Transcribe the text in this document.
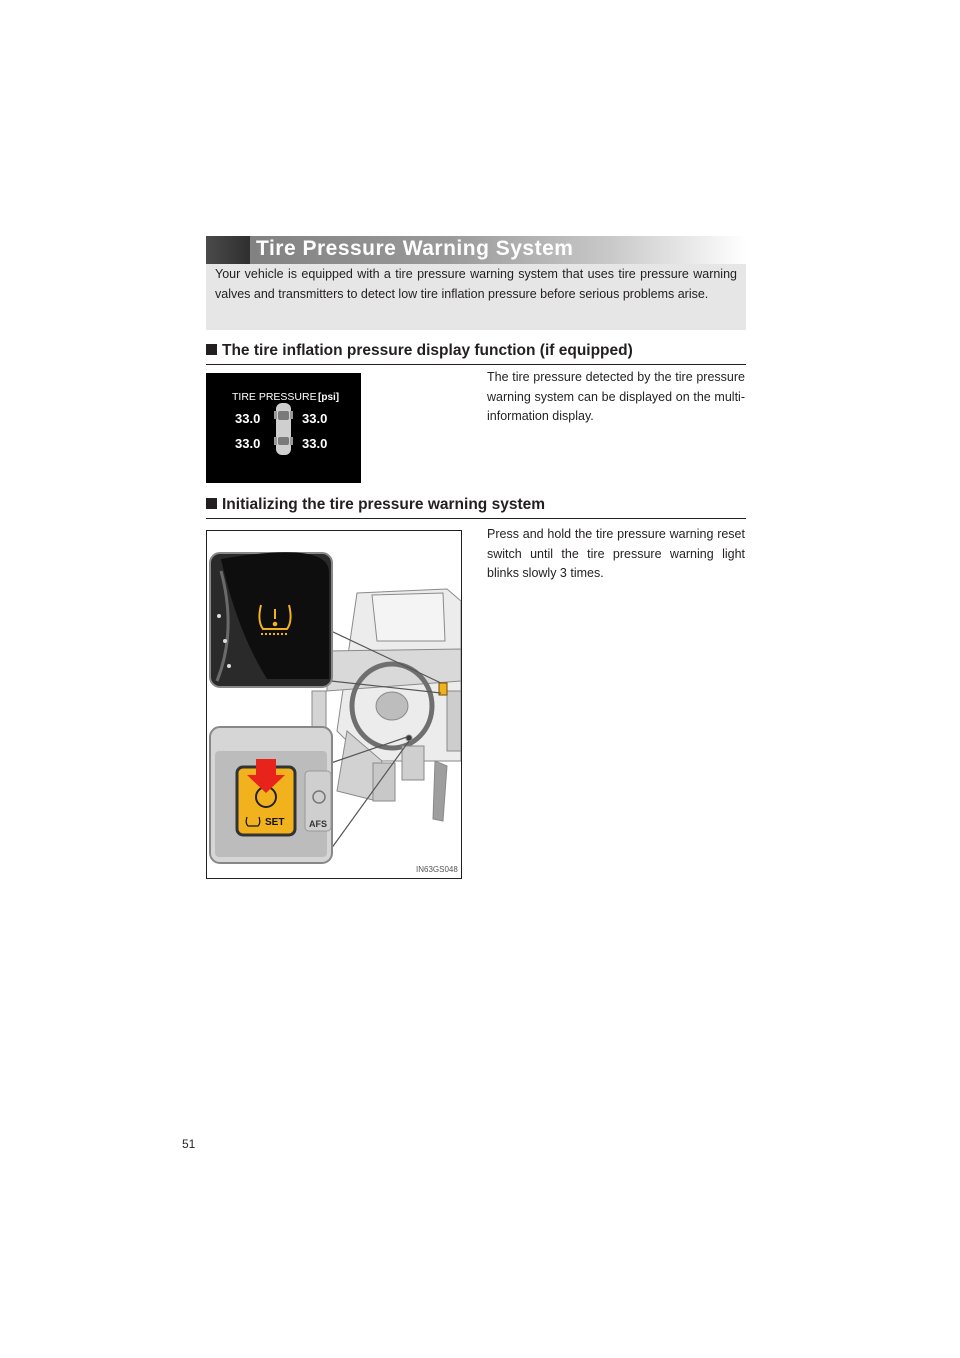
Tire Pressure Warning System
Your vehicle is equipped with a tire pressure warning system that uses tire pressure warning valves and transmitters to detect low tire inflation pressure before serious problems arise.
The tire inflation pressure display function (if equipped)
TIRE PRESSURE [psi]
33.0	33.0
33.0	33.0
The tire pressure detected by the tire pressure warning system can be displayed on the multi-information display.
Initializing the tire pressure warning system
SET	AFS
IN63GS048
Press and hold the tire pressure warning reset switch until the tire pressure warning light blinks slowly 3 times.
51
